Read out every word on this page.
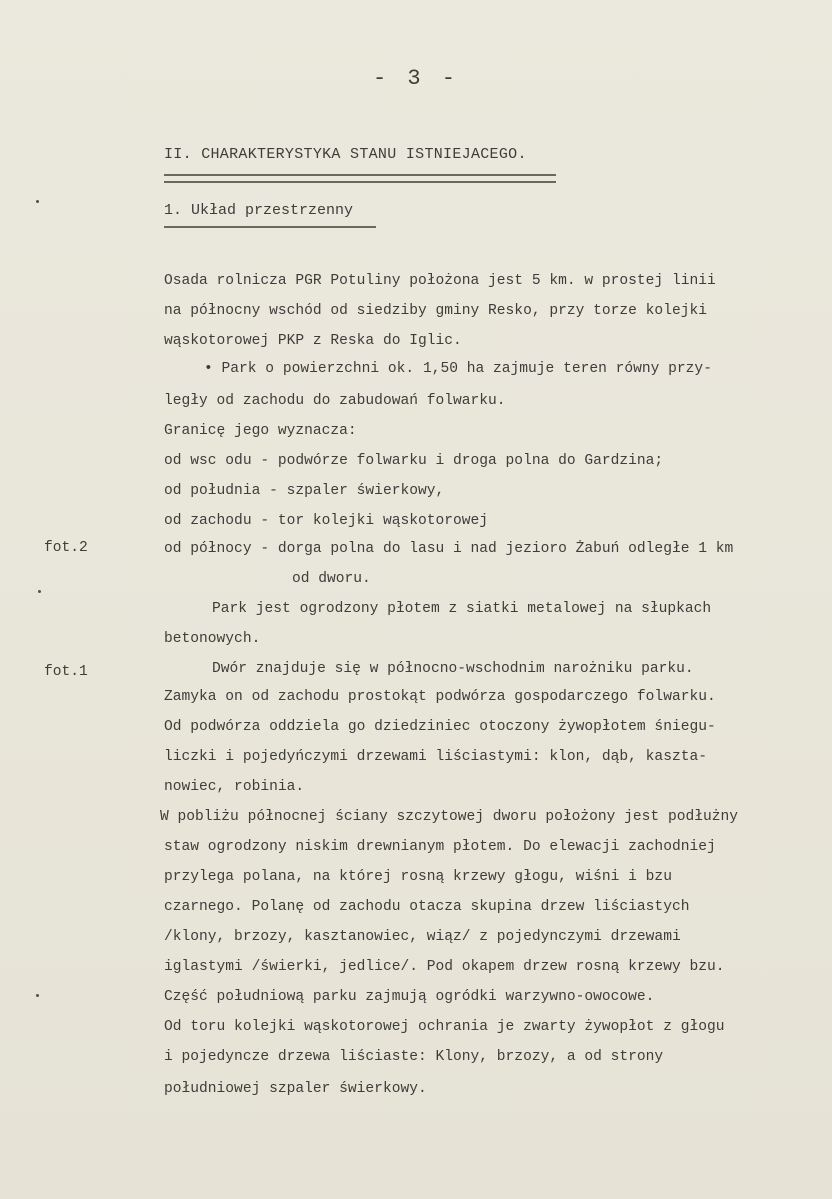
- 3 -
II. CHARAKTERYSTYKA STANU ISTNIEJACEGO.
1. Układ przestrzenny
fot.2
fot.1
Osada rolnicza PGR Potuliny położona jest 5 km. w prostej linii
na północny wschód od siedziby gminy Resko, przy torze kolejki
wąskotorowej PKP z Reska do Iglic.
• Park o powierzchni ok. 1,50 ha zajmuje teren równy przy-
legły od zachodu do zabudowań folwarku.
Granicę jego wyznacza:
od wsc odu - podwórze folwarku i droga polna do Gardzina;
od południa - szpaler świerkowy,
od zachodu - tor kolejki wąskotorowej
od północy - dorga polna do lasu i nad jezioro Żabuń odległe 1 km
od dworu.
Park jest ogrodzony płotem z siatki metalowej na słupkach
betonowych.
Dwór znajduje się w północno-wschodnim narożniku parku.
Zamyka on od zachodu prostokąt podwórza gospodarczego folwarku.
Od podwórza oddziela go dziedziniec otoczony żywopłotem śniegu-
liczki i pojedyńczymi drzewami liściastymi: klon, dąb, kaszta-
nowiec, robinia.
W pobliżu północnej ściany szczytowej dworu położony jest podłużny
staw ogrodzony niskim drewnianym płotem. Do elewacji zachodniej
przylega polana, na której rosną krzewy głogu, wiśni i bzu
czarnego. Polanę od zachodu otacza skupina drzew liściastych
/klony, brzozy, kasztanowiec, wiąz/ z pojedynczymi drzewami
iglastymi /świerki, jedlice/. Pod okapem drzew rosną krzewy bzu.
Część południową parku zajmują ogródki warzywno-owocowe.
Od toru kolejki wąskotorowej ochrania je zwarty żywopłot z głogu
i pojedyncze drzewa liściaste: Klony, brzozy, a od strony
południowej szpaler świerkowy.
